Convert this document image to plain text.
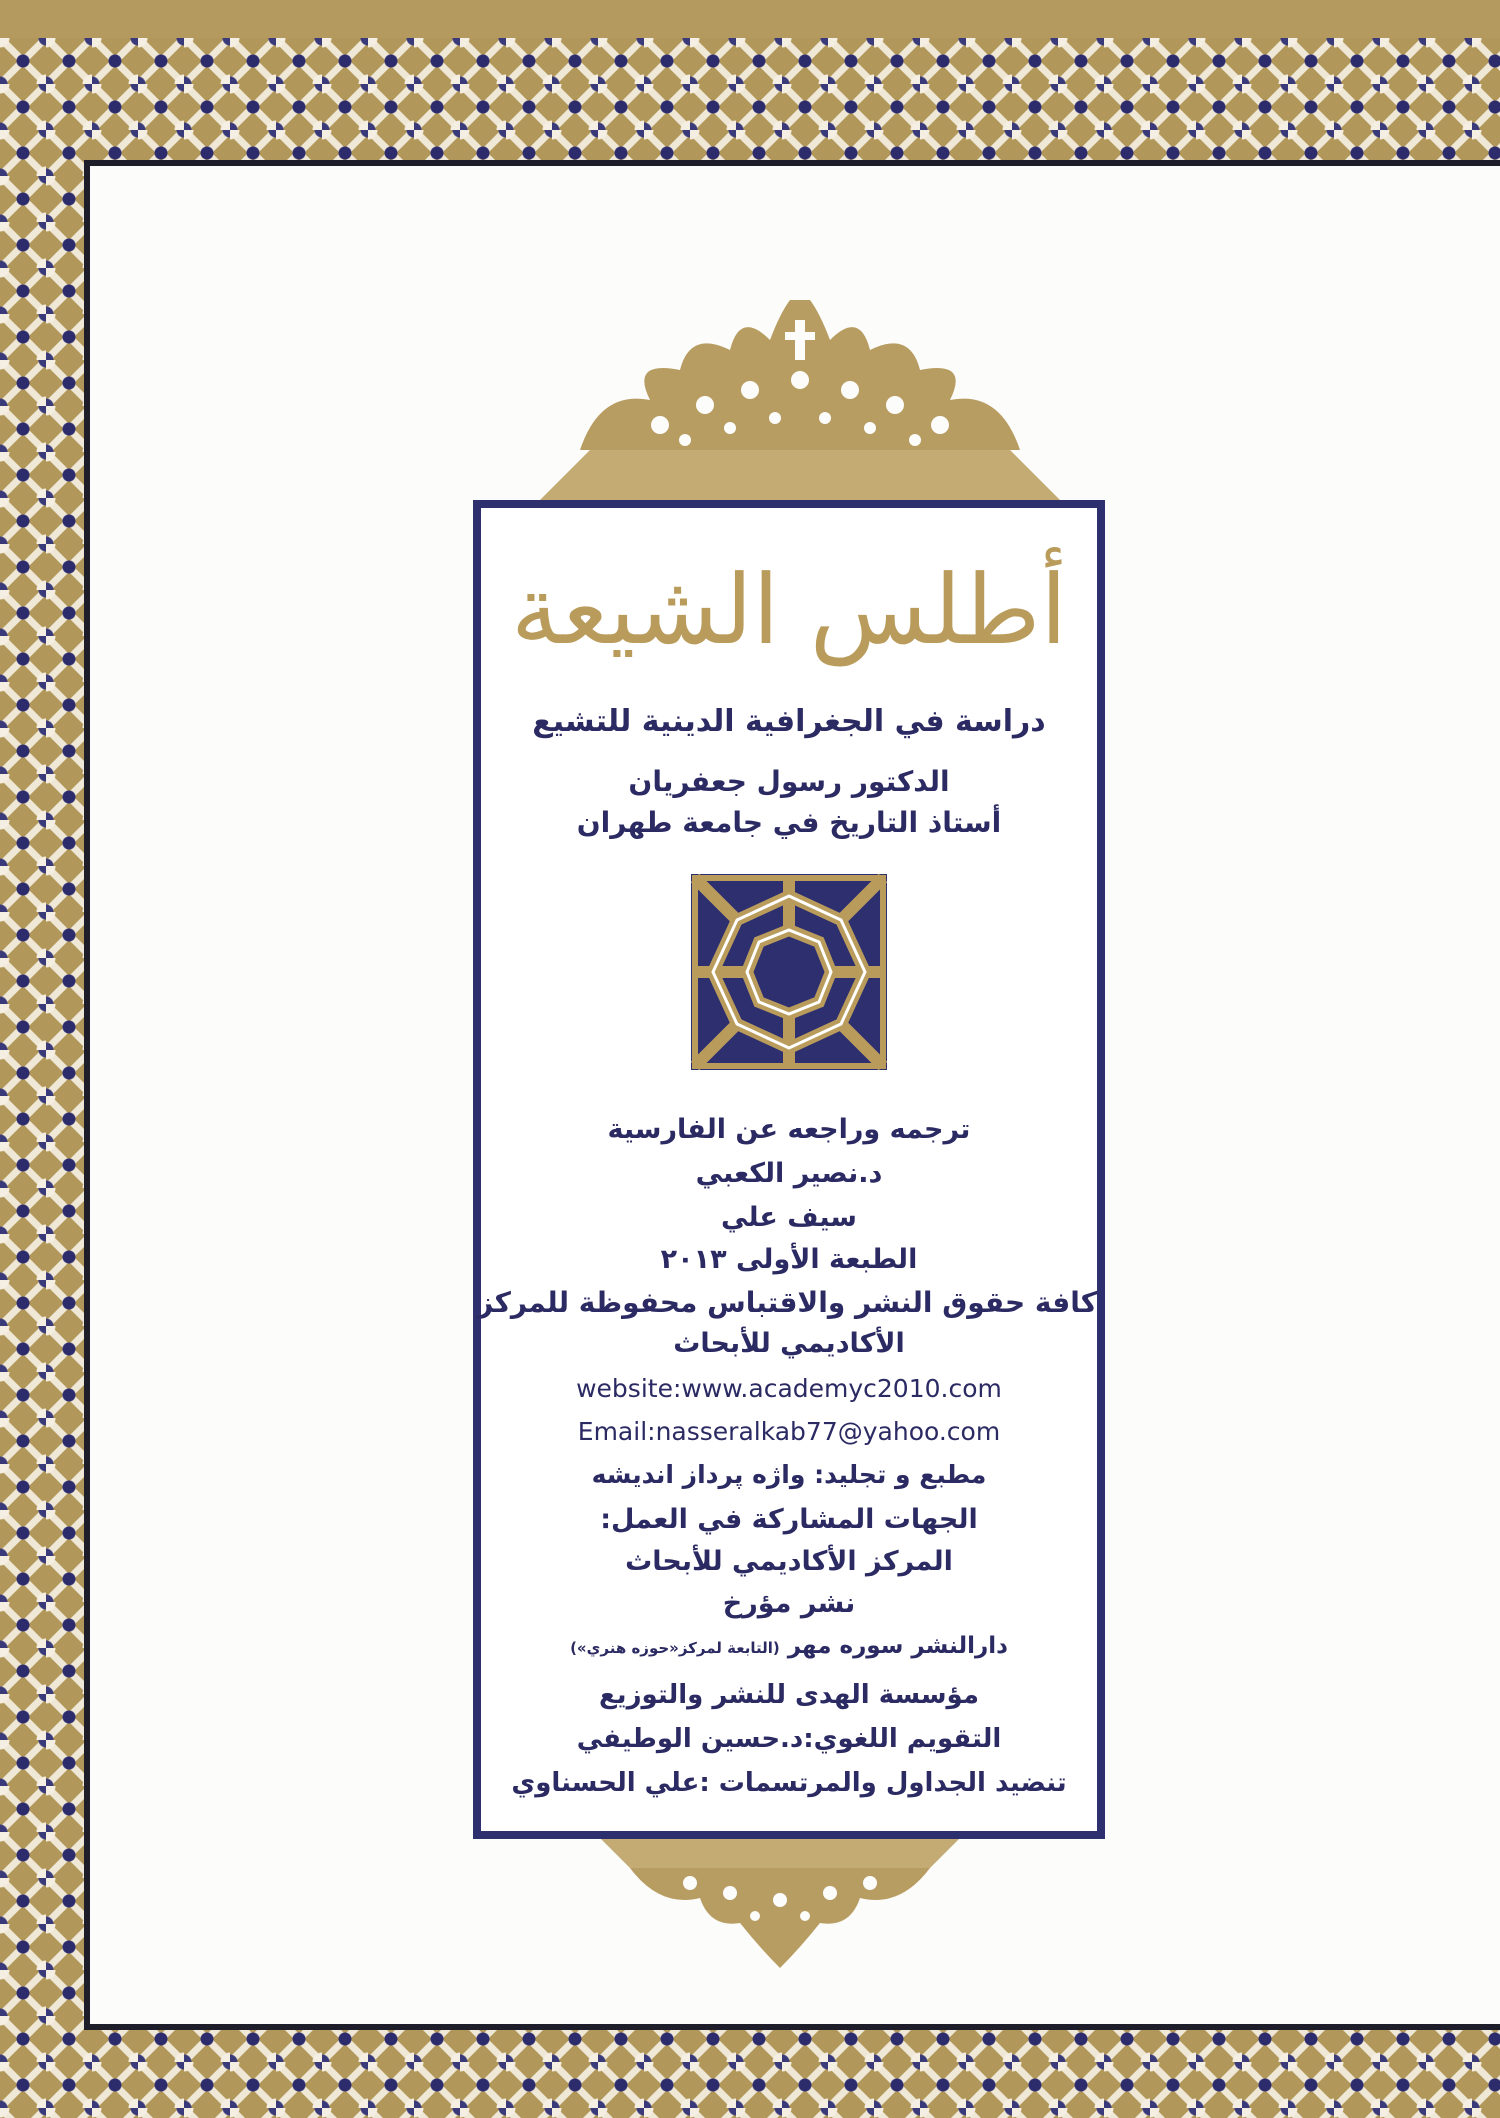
أطلس الشيعة
دراسة في الجغرافية الدينية للتشيع
الدكتور رسول جعفريان
أستاذ التاريخ في جامعة طهران
ترجمه وراجعه عن الفارسية
د.نصير الكعبي
سيف علي
الطبعة الأولى ٢٠١٣
كافة حقوق النشر والاقتباس محفوظة للمركز
الأكاديمي للأبحاث
website:www.academyc2010.com
Email:nasseralkab77@yahoo.com
مطبع و تجليد: واژه پرداز انديشه
الجهات المشاركة في العمل:
المركز الأكاديمي للأبحاث
نشر مؤرخ
دارالنشر سوره مهر (التابعة لمركز«حوزه هنري»)
مؤسسة الهدى للنشر والتوزيع
التقويم اللغوي:د.حسين الوطيفي
تنضيد الجداول والمرتسمات :علي الحسناوي
